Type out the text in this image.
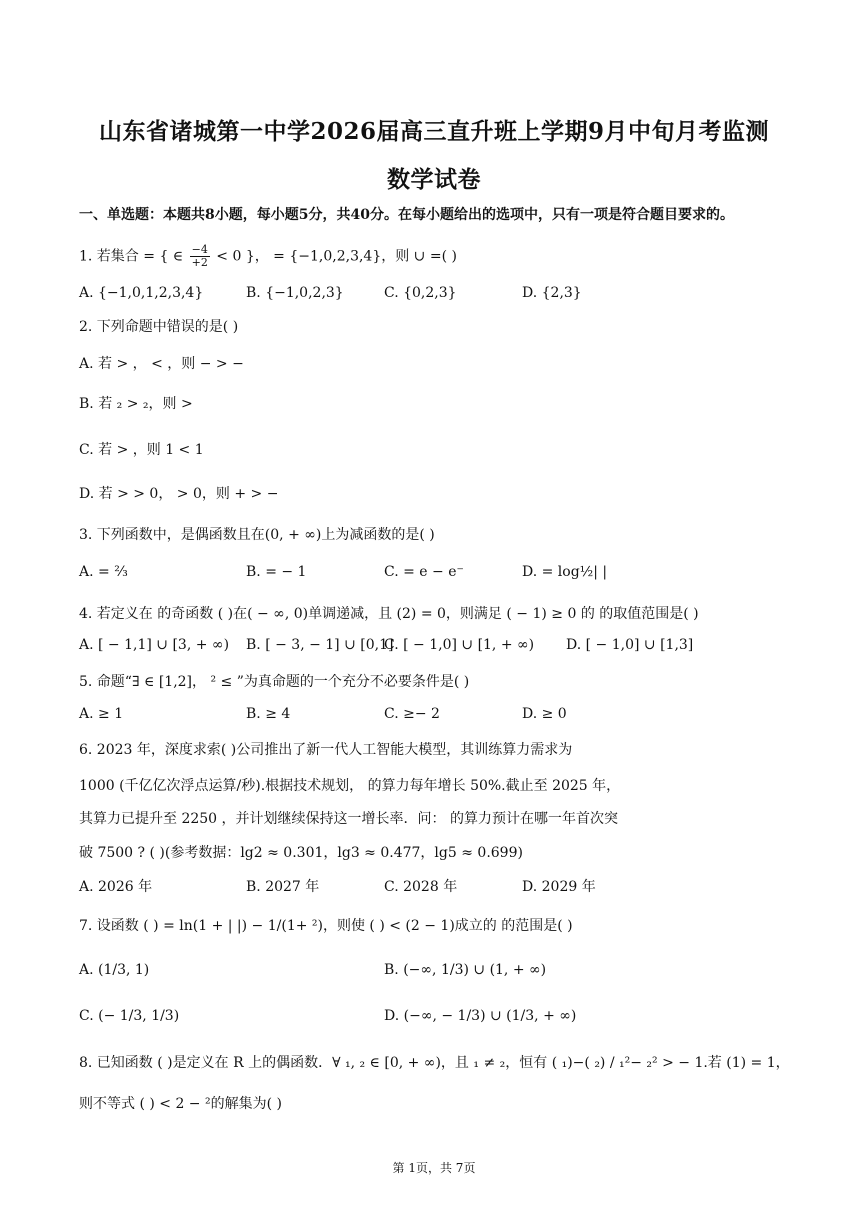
山东省诸城第一中学2026届高三直升班上学期9月中旬月考监测
数学试卷
一、单选题：本题共8小题，每小题5分，共40分。在每小题给出的选项中，只有一项是符合题目要求的。
1. 若集合 = { ∈ $\frac{-4}{+2} < 0$ }， = {−1,0,2,3,4}，则 ∪ =( )
A. {−1,0,1,2,3,4}	B. {−1,0,2,3}	C. {0,2,3}	D. {2,3}
2. 下列命题中错误的是( )
A. 若 > ， < ，则 − > −
B. 若 ₂ > ₂，则 >
C. 若 > ，则 1 < 1
D. 若 > > 0， > 0，则 + > −
3. 下列函数中，是偶函数且在(0, + ∞)上为减函数的是( )
A. = ⅔	B. = − 1	C. = e − e⁻	D. = log½| |
4. 若定义在 的奇函数 ( )在( − ∞, 0)单调递减，且 (2) = 0，则满足 ( − 1) ≥ 0 的 的取值范围是( )
A. [ − 1,1] ∪ [3, + ∞) B. [ − 3, − 1] ∪ [0,1]
C. [ − 1,0] ∪ [1, + ∞) D. [ − 1,0] ∪ [1,3]
5. 命题“∃ ∈ [1,2]， ² ≤ ”为真命题的一个充分不必要条件是( )
A. ≥ 1	B. ≥ 4	C. ≥− 2	D. ≥ 0
6. 2023 年，深度求索( )公司推出了新一代人工智能大模型，其训练算力需求为
1000 (千亿亿次浮点运算/秒).根据技术规划， 的算力每年增长 50%.截止至 2025 年，
其算力已提升至 2250 ，并计划继续保持这一增长率．问： 的算力预计在哪一年首次突
破 7500 ? ( )(参考数据：lg2 ≈ 0.301，lg3 ≈ 0.477，lg5 ≈ 0.699)
A. 2026 年	B. 2027 年	C. 2028 年	D. 2029 年
7. 设函数 ( ) = ln(1 + | |) − 1/(1+ ²)，则使 ( ) < (2 − 1)成立的 的范围是( )
A. (1/3, 1)	B. (−∞, 1/3) ∪ (1, + ∞)
C. (− 1/3, 1/3)	D. (−∞, − 1/3) ∪ (1/3, + ∞)
8. 已知函数 ( )是定义在 R 上的偶函数．∀ ₁, ₂ ∈ [0, + ∞)，且 ₁ ≠ ₂，恒有 ( ₁)−( ₂) / ₁²− ₂² > − 1.若 (1) = 1，
则不等式 ( ) < 2 − ²的解集为( )
第 1页，共 7页
